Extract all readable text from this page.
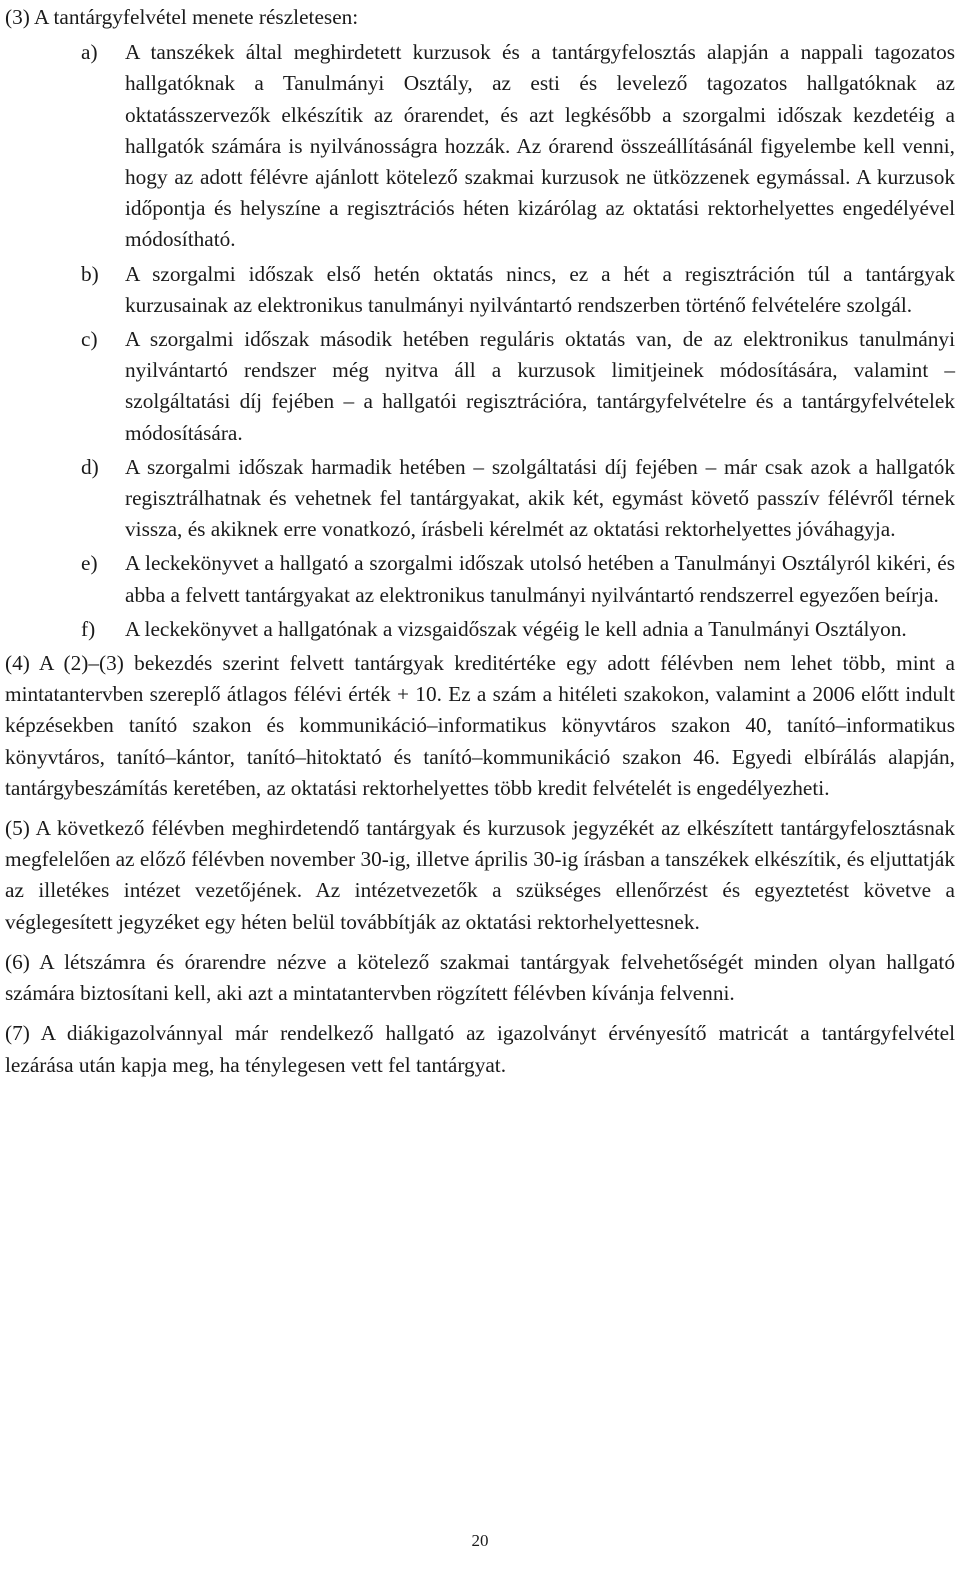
(3) A tantárgyfelvétel menete részletesen:

a) A tanszékek által meghirdetett kurzusok és a tantárgyfelosztás alapján a nappali tagozatos hallgatóknak a Tanulmányi Osztály, az esti és levelező tagozatos hallgatóknak az oktatásszervezők elkészítik az órarendet, és azt legkésőbb a szorgalmi időszak kezdetéig a hallgatók számára is nyilvánosságra hozzák. Az órarend összeállításánál figyelembe kell venni, hogy az adott félévre ajánlott kötelező szakmai kurzusok ne ütközzenek egymással. A kurzusok időpontja és helyszíne a regisztrációs héten kizárólag az oktatási rektorhelyettes engedélyével módosítható.
b) A szorgalmi időszak első hetén oktatás nincs, ez a hét a regisztráción túl a tantárgyak kurzusainak az elektronikus tanulmányi nyilvántartó rendszerben történő felvételére szolgál.
c) A szorgalmi időszak második hetében reguláris oktatás van, de az elektronikus tanulmányi nyilvántartó rendszer még nyitva áll a kurzusok limitjeinek módosítására, valamint – szolgáltatási díj fejében – a hallgatói regisztrációra, tantárgyfelvételre és a tantárgyfelvételek módosítására.
d) A szorgalmi időszak harmadik hetében – szolgáltatási díj fejében – már csak azok a hallgatók regisztrálhatnak és vehetnek fel tantárgyakat, akik két, egymást követő passzív félévről térnek vissza, és akiknek erre vonatkozó, írásbeli kérelmét az oktatási rektorhelyettes jóváhagyja.
e) A leckekönyvet a hallgató a szorgalmi időszak utolsó hetében a Tanulmányi Osztályról kikéri, és abba a felvett tantárgyakat az elektronikus tanulmányi nyilvántartó rendszerrel egyezően beírja.
f) A leckekönyvet a hallgatónak a vizsgaidőszak végéig le kell adnia a Tanulmányi Osztályon.

(4) A (2)–(3) bekezdés szerint felvett tantárgyak kreditértéke egy adott félévben nem lehet több, mint a mintatantervben szereplő átlagos félévi érték + 10. Ez a szám a hitéleti szakokon, valamint a 2006 előtt indult képzésekben tanító szakon és kommunikáció–informatikus könyvtáros szakon 40, tanító–informatikus könyvtáros, tanító–kántor, tanító–hitoktató és tanító–kommunikáció szakon 46. Egyedi elbírálás alapján, tantárgybeszámítás keretében, az oktatási rektorhelyettes több kredit felvételét is engedélyezheti.

(5) A következő félévben meghirdetendő tantárgyak és kurzusok jegyzékét az elkészített tantárgyfelosztásnak megfelelően az előző félévben november 30-ig, illetve április 30-ig írásban a tanszékek elkészítik, és eljuttatják az illetékes intézet vezetőjének. Az intézetvezetők a szükséges ellenőrzést és egyeztetést követve a véglegesített jegyzéket egy héten belül továbbítják az oktatási rektorhelyettesnek.

(6) A létszámra és órarendre nézve a kötelező szakmai tantárgyak felvehetőségét minden olyan hallgató számára biztosítani kell, aki azt a mintatantervben rögzített félévben kívánja felvenni.

(7) A diákigazolvánnyal már rendelkező hallgató az igazolványt érvényesítő matricát a tantárgyfelvétel lezárása után kapja meg, ha ténylegesen vett fel tantárgyat.

20
